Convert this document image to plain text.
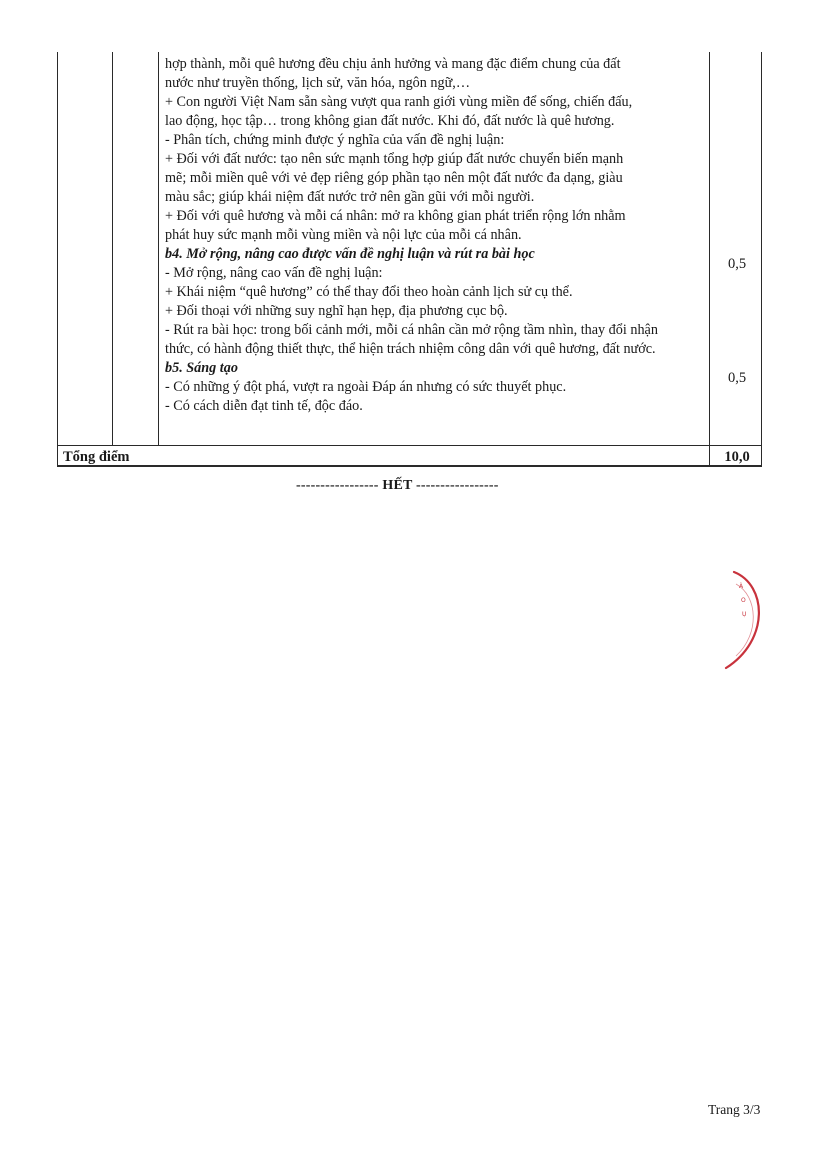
hợp thành, mỗi quê hương đều chịu ảnh hưởng và mang đặc điểm chung của đất
nước như truyền thống, lịch sử, văn hóa, ngôn ngữ,…
+ Con người Việt Nam sẵn sàng vượt qua ranh giới vùng miền để sống, chiến đấu,
lao động, học tập… trong không gian đất nước. Khi đó, đất nước là quê hương.
- Phân tích, chứng minh được ý nghĩa của vấn đề nghị luận:
+ Đối với đất nước: tạo nên sức mạnh tổng hợp giúp đất nước chuyển biến mạnh
mẽ; mỗi miền quê với vẻ đẹp riêng góp phần tạo nên một đất nước đa dạng, giàu
màu sắc; giúp khái niệm đất nước trở nên gần gũi với mỗi người.
+ Đối với quê hương và mỗi cá nhân: mở ra không gian phát triển rộng lớn nhằm
phát huy sức mạnh mỗi vùng miền và nội lực của mỗi cá nhân.
b4. Mở rộng, nâng cao được vấn đề nghị luận và rút ra bài học
- Mở rộng, nâng cao vấn đề nghị luận:
+ Khái niệm “quê hương” có thể thay đổi theo hoàn cảnh lịch sử cụ thể.
+ Đối thoại với những suy nghĩ hạn hẹp, địa phương cục bộ.
- Rút ra bài học: trong bối cảnh mới, mỗi cá nhân cần mở rộng tầm nhìn, thay đổi nhận
thức, có hành động thiết thực, thể hiện trách nhiệm công dân với quê hương, đất nước.
b5. Sáng tạo
- Có những ý đột phá, vượt ra ngoài Đáp án nhưng có sức thuyết phục.
- Có cách diễn đạt tinh tế, độc đáo.
0,5
0,5
Tổng điểm	10,0
----------------- HẾT -----------------
À
O
Ụ
Trang 3/3
